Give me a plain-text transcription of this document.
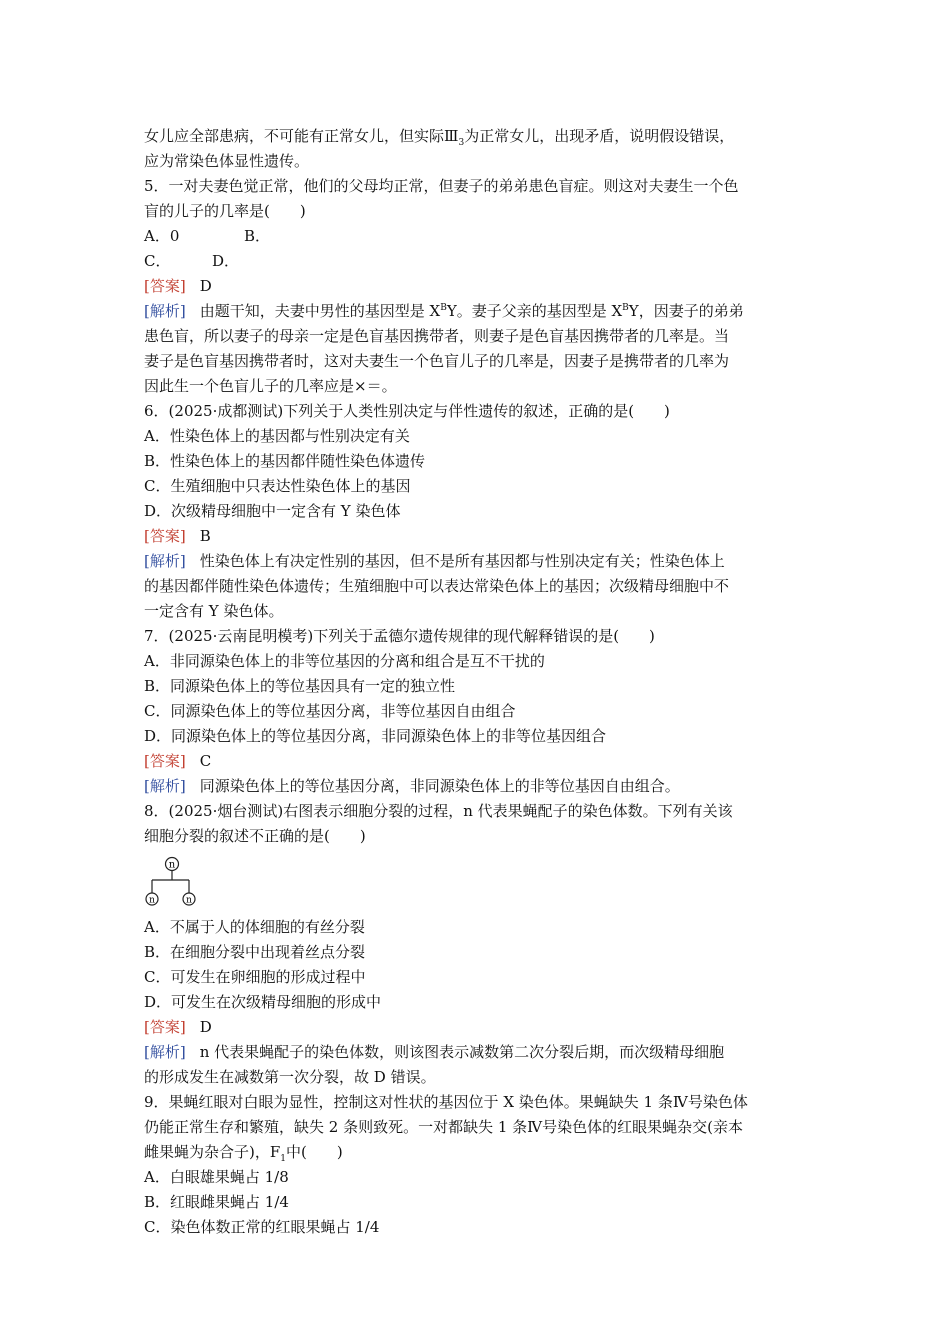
女儿应全部患病，不可能有正常女儿，但实际$Ⅲ_3$为正常女儿，出现矛盾，说明假设错误，
应为常染色体显性遗传。
5．一对夫妻色觉正常，他们的父母均正常，但妻子的弟弟患色盲症。则这对夫妻生一个色
盲的儿子的几率是(　　)
A．0	B．
C．	D．
[ 答案 ] D
[ 解析 ] 由题干知，夫妻中男性的基因型是 $X^BY$。妻子父亲的基因型是 $X^BY$，因妻子的弟弟
患色盲，所以妻子的母亲一定是色盲基因携带者，则妻子是色盲基因携带者的几率是。当
妻子是色盲基因携带者时，这对夫妻生一个色盲儿子的几率是，因妻子是携带者的几率为
因此生一个色盲儿子的几率应是×＝。
6．(2025·成都测试)下列关于人类性别决定与伴性遗传的叙述，正确的是(　　)
A．性染色体上的基因都与性别决定有关
B．性染色体上的基因都伴随性染色体遗传
C．生殖细胞中只表达性染色体上的基因
D．次级精母细胞中一定含有 Y 染色体
[ 答案 ] B
[ 解析 ] 性染色体上有决定性别的基因，但不是所有基因都与性别决定有关；性染色体上
的基因都伴随性染色体遗传；生殖细胞中可以表达常染色体上的基因；次级精母细胞中不
一定含有 Y 染色体。
7．(2025·云南昆明模考)下列关于孟德尔遗传规律的现代解释错误的是(　　)
A．非同源染色体上的非等位基因的分离和组合是互不干扰的
B．同源染色体上的等位基因具有一定的独立性
C．同源染色体上的等位基因分离，非等位基因自由组合
D．同源染色体上的等位基因分离，非同源染色体上的非等位基因组合
[ 答案 ] C
[ 解析 ] 同源染色体上的等位基因分离，非同源染色体上的非等位基因自由组合。
8．(2025·烟台测试)右图表示细胞分裂的过程，n 代表果蝇配子的染色体数。下列有关该
细胞分裂的叙述不正确的是(　　)
n
n	n
A．不属于人的体细胞的有丝分裂
B．在细胞分裂中出现着丝点分裂
C．可发生在卵细胞的形成过程中
D．可发生在次级精母细胞的形成中
[ 答案 ] D
[ 解析 ] n 代表果蝇配子的染色体数，则该图表示减数第二次分裂后期，而次级精母细胞
的形成发生在减数第一次分裂，故 D 错误。
9．果蝇红眼对白眼为显性，控制这对性状的基因位于 X 染色体。果蝇缺失 1 条Ⅳ号染色体
仍能正常生存和繁殖，缺失 2 条则致死。一对都缺失 1 条Ⅳ号染色体的红眼果蝇杂交(亲本
雌果蝇为杂合子)，$F_1$中(　　)
A．白眼雄果蝇占 1/8
B．红眼雌果蝇占 1/4
C．染色体数正常的红眼果蝇占 1/4
